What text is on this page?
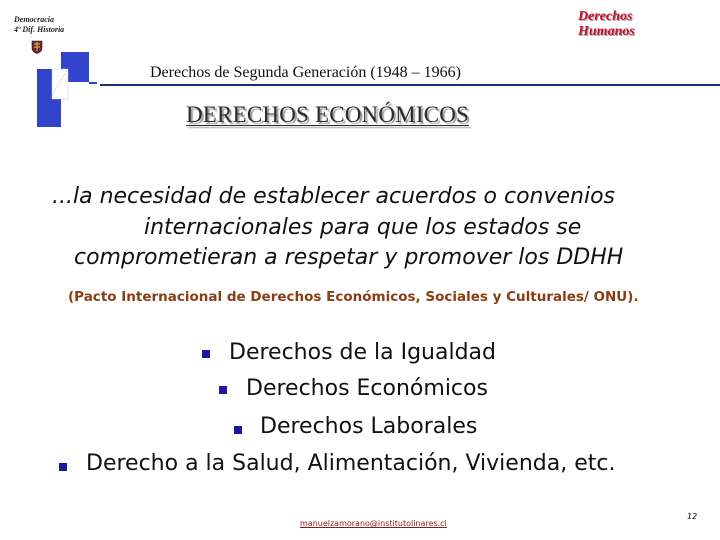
Democracia
4º Dif. Historia
Derechos
Humanos
Derechos de Segunda Generación (1948 – 1966)
DERECHOS ECONÓMICOS
...la necesidad de establecer acuerdos o convenios
internacionales para que los estados se
comprometieran a respetar y promover los DDHH
(Pacto Internacional de Derechos Económicos, Sociales y Culturales/ ONU).
Derechos de la Igualdad
Derechos Económicos
Derechos Laborales
Derecho a la Salud, Alimentación, Vivienda, etc.
manuelzamorano@institutolinares.cl
12
